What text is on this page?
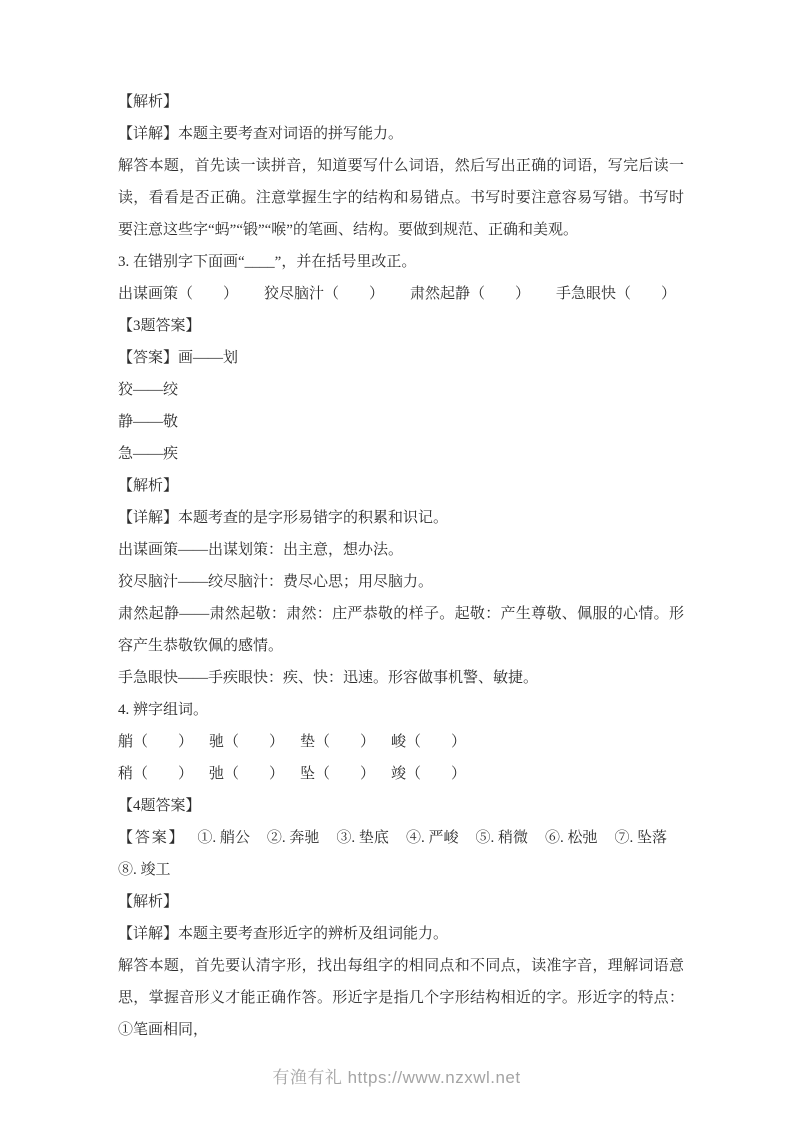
【解析】

【详解】本题主要考查对词语的拼写能力。

解答本题，首先读一读拼音，知道要写什么词语，然后写出正确的词语，写完后读一读，看看是否正确。注意掌握生字的结构和易错点。书写时要注意容易写错。书写时要注意这些字“蚂”“锻”“喉”的笔画、结构。要做到规范、正确和美观。

3. 在错别字下面画“____”，并在括号里改正。

出谋画策（　　） 狡尽脑汁（　　） 肃然起静（　　） 手急眼快（　　）

【3题答案】

【答案】画——划

狡——绞

静——敬

急——疾

【解析】

【详解】本题考查的是字形易错字的积累和识记。

出谋画策——出谋划策：出主意，想办法。

狡尽脑汁——绞尽脑汁：费尽心思；用尽脑力。

肃然起静——肃然起敬：肃然：庄严恭敬的样子。起敬：产生尊敬、佩服的心情。形容产生恭敬钦佩的感情。

手急眼快——手疾眼快：疾、快：迅速。形容做事机警、敏捷。

4. 辨字组词。

艄（　　） 驰（　　） 垫（　　） 峻（　　）
稍（　　） 弛（　　） 坠（　　） 竣（　　）

【4题答案】

【答案】 ①. 艄公 ②. 奔驰 ③. 垫底 ④. 严峻 ⑤. 稍微 ⑥. 松弛 ⑦. 坠落⑧. 竣工

【解析】

【详解】本题主要考查形近字的辨析及组词能力。

解答本题，首先要认清字形，找出每组字的相同点和不同点，读准字音，理解词语意思，掌握音形义才能正确作答。形近字是指几个字形结构相近的字。形近字的特点：①笔画相同，

有渔有礼 https://www.nzxwl.net
